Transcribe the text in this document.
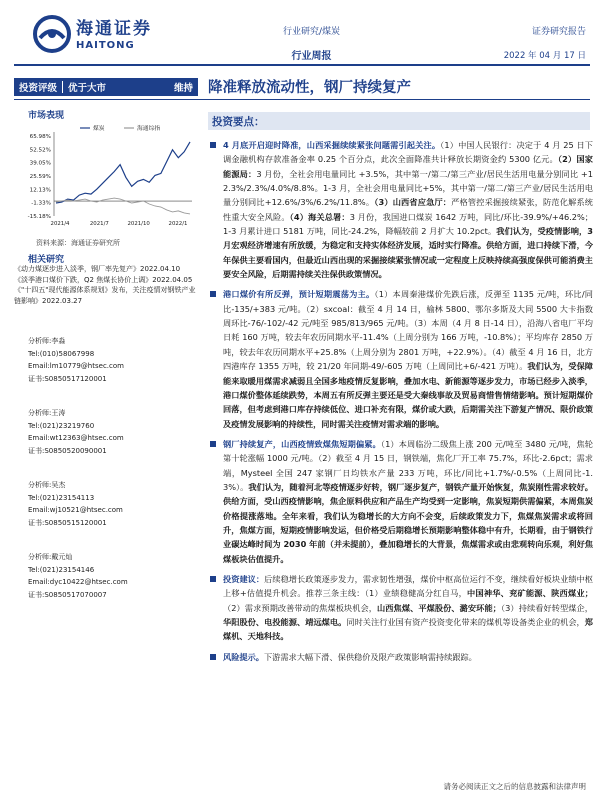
海通证券
HAITONG
行业研究/煤炭
行业周报
证券研究报告
2022 年 04 月 17 日
投资评级	优于大市	维持	降准释放流动性，钢厂持续复产
市场表现
65.98%
52.52%
39.05%
25.59%
12.13%
-1.33%
-15.18%
2021/4	2021/7	2021/10	2022/1
煤炭	海通综指
资料来源：海通证券研究所
相关研究

《动力煤逐步进入淡季，钢厂率先复产》2022.04.10

《淡季港口煤价下跌，Q2 焦煤长协价上调》2022.04.05

《"十四五"现代能源体系规划》发布，关注疫情对钢铁产业链影响》2022.03.27

分析师:李淼
Tel:(010)58067998
Email:lm10779@htsec.com
证书:S0850517120001
分析师:王涛
Tel:(021)23219760
Email:wt12363@htsec.com
证书:S0850520090001
分析师:吴杰
Tel:(021)23154113
Email:wj10521@htsec.com
证书:S0850515120001
分析师:戴元灿
Tel:(021)23154146
Email:dyc10422@htsec.com
证书:S0850517070007
投资要点：
4 月底开启迎时降准，山西采掘续续紧张问题需引起关注。（1）中国人民银行：决定于 4 月 25 日下调金融机构存款准备金率 0.25 个百分点，此次全面降准共计释放长期资金约 5300 亿元。（2）国家能源局：3 月份，全社会用电量同比 +3.5%，其中第一/第二/第三产业/居民生活用电量分别同比 +12.3%/2.3%/4.0%/8.8%。1-3 月，全社会用电量同比+5%，其中第一/第二/第三产业/居民生活用电量分别同比+12.6%/3%/6.2%/11.8%。（3）山西省应急厅：严格管控采掘接续紧张，防范化解系统性重大安全风险。（4）海关总署：3 月份，我国进口煤炭 1642 万吨，同比/环比-39.9%/+46.2%；1-3 月累计进口 5181 万吨，同比-24.2%，降幅较前 2 月扩大 10.2pct。我们认为，受疫情影响，3 月宏观经济增速有所放缓，为稳定和支持实体经济发展，适时实行降准。供给方面，进口持续下滑，今年保供主要看国内，但最近山西出现的采掘接续紧张情况或一定程度上反映持续高强度保供可能消费主要安全风险，后期需持续关注保供政策情况。
港口煤价有所反弹，预计短期震荡为主。（1）本周秦港煤价先跌后涨，反弹至 1135 元/吨，环比/同比-135/+383 元/吨。（2）sxcoal：截至 4 月 14 日，榆林 5800、鄂尔多斯及大同 5500 大卡指数周环比-76/-102/-42 元/吨至 985/813/965 元/吨。（3）本周（4 月 8 日-14 日），沿海八省电厂平均日耗 160 万吨，较去年农历同期水平-11.4%（上周分别为 166 万吨，-10.8%）；平均库存 2850 万吨，较去年农历同期水平+25.8%（上周分别为 2801 万吨，+22.9%）。（4）截至 4 月 16 日，北方四港库存 1355 万吨，较 21/20 年同期-49/-605 万吨（上周同比+6/-421 万吨）。我们认为，受保障能来取暖用煤需求减弱且全国多地疫情反复影响，叠加水电、新能源等逐步发力，市场已经步入淡季，港口煤价整体延续跌势，本周五有所反弹主要还是受大秦线事故及贸易商惜售情绪影响。预计短期煤价回落，但考虑到港口库存持续低位、进口补充有限，煤价或大跌，后期需关注下游复产情况、限价政策及疫情发展影响的持续性，同时需关注疫情对需求端的影响。
钢厂持续复产，山西疫情致煤焦短期偏紧。（1）本周临汾二级焦上涨 200 元/吨至 3480 元/吨，焦轮第十轮涨幅 1000 元/吨。（2）截至 4 月 15 日，钢铁端，焦化厂开工率 75.7%，环比-2.6pct；需求端，Mysteel 全国 247 家钢厂日均铁水产量 233 万吨，环比/同比+1.7%/-0.5%（上周同比-1.3%）。我们认为，随着河北等疫情逐步好转，钢厂逐步复产，钢铁产量开始恢复，焦炭刚性需求较好。供给方面，受山西疫情影响，焦企原料供应和产品生产均受到一定影响，焦炭短期供需偏紧，本周焦炭价格提涨落地。全年来看，我们认为稳增长的大方向不会变，后续政策发力下，焦煤焦炭需求或将回升，焦煤方面，短期疫情影响发运，但价格受后期稳增长预期影响整体稳中有升，长期看，由于钢铁行业碳达峰时间为 2030 年前（并未提前），叠加稳增长的大背景，焦煤需求或由悲观转向乐观，利好焦煤板块估值提升。
投资建议：后续稳增长政策逐步发力，需求韧性增强，煤价中枢高位运行不变，继续看好板块业绩中枢上移+估值提升机会。推荐三条主线：（1）业绩稳健高分红自马，中国神华、兖矿能源、陕西煤业；（2）需求预期改善带动的焦煤板块机会，山西焦煤、平煤股份、潞安环能；（3）持续看好转型煤企，华阳股份、电投能源、靖远煤电。同时关注行业国有资产投资变化带来的煤机等设备类企业的机会，郑煤机、天地科技。
风险提示。下游需求大幅下滑、保供稳价及限产政策影响需持续跟踪。
请务必阅读正文之后的信息披露和法律声明
